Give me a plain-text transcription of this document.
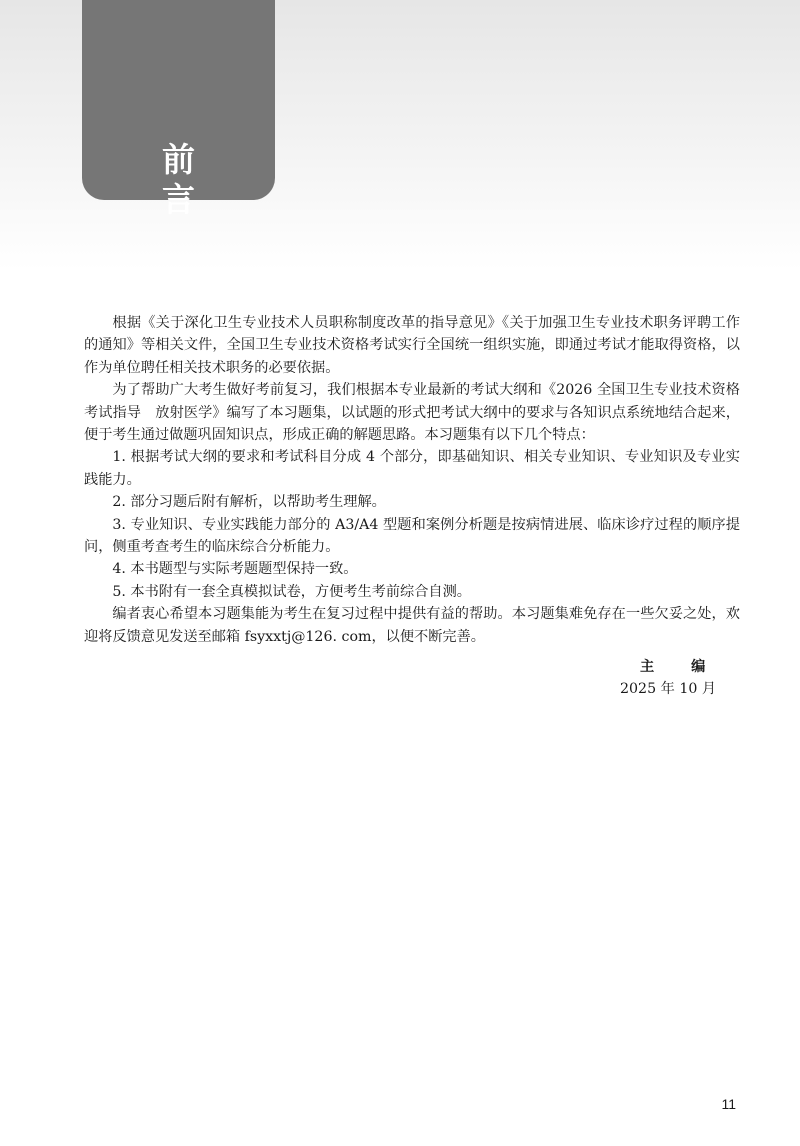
前 言

根据《关于深化卫生专业技术人员职称制度改革的指导意见》《关于加强卫生专业技术职务评聘工作的通知》等相关文件，全国卫生专业技术资格考试实行全国统一组织实施，即通过考试才能取得资格，以作为单位聘任相关技术职务的必要依据。

为了帮助广大考生做好考前复习，我们根据本专业最新的考试大纲和《2026 全国卫生专业技术资格考试指导　放射医学》编写了本习题集，以试题的形式把考试大纲中的要求与各知识点系统地结合起来，便于考生通过做题巩固知识点，形成正确的解题思路。本习题集有以下几个特点：

1. 根据考试大纲的要求和考试科目分成 4 个部分，即基础知识、相关专业知识、专业知识及专业实践能力。

2. 部分习题后附有解析，以帮助考生理解。

3. 专业知识、专业实践能力部分的 A3/A4 型题和案例分析题是按病情进展、临床诊疗过程的顺序提问，侧重考查考生的临床综合分析能力。

4. 本书题型与实际考题题型保持一致。

5. 本书附有一套全真模拟试卷，方便考生考前综合自测。

编者衷心希望本习题集能为考生在复习过程中提供有益的帮助。本习题集难免存在一些欠妥之处，欢迎将反馈意见发送至邮箱 fsyxxtj@126. com，以便不断完善。

主 编
2025 年 10 月
11
